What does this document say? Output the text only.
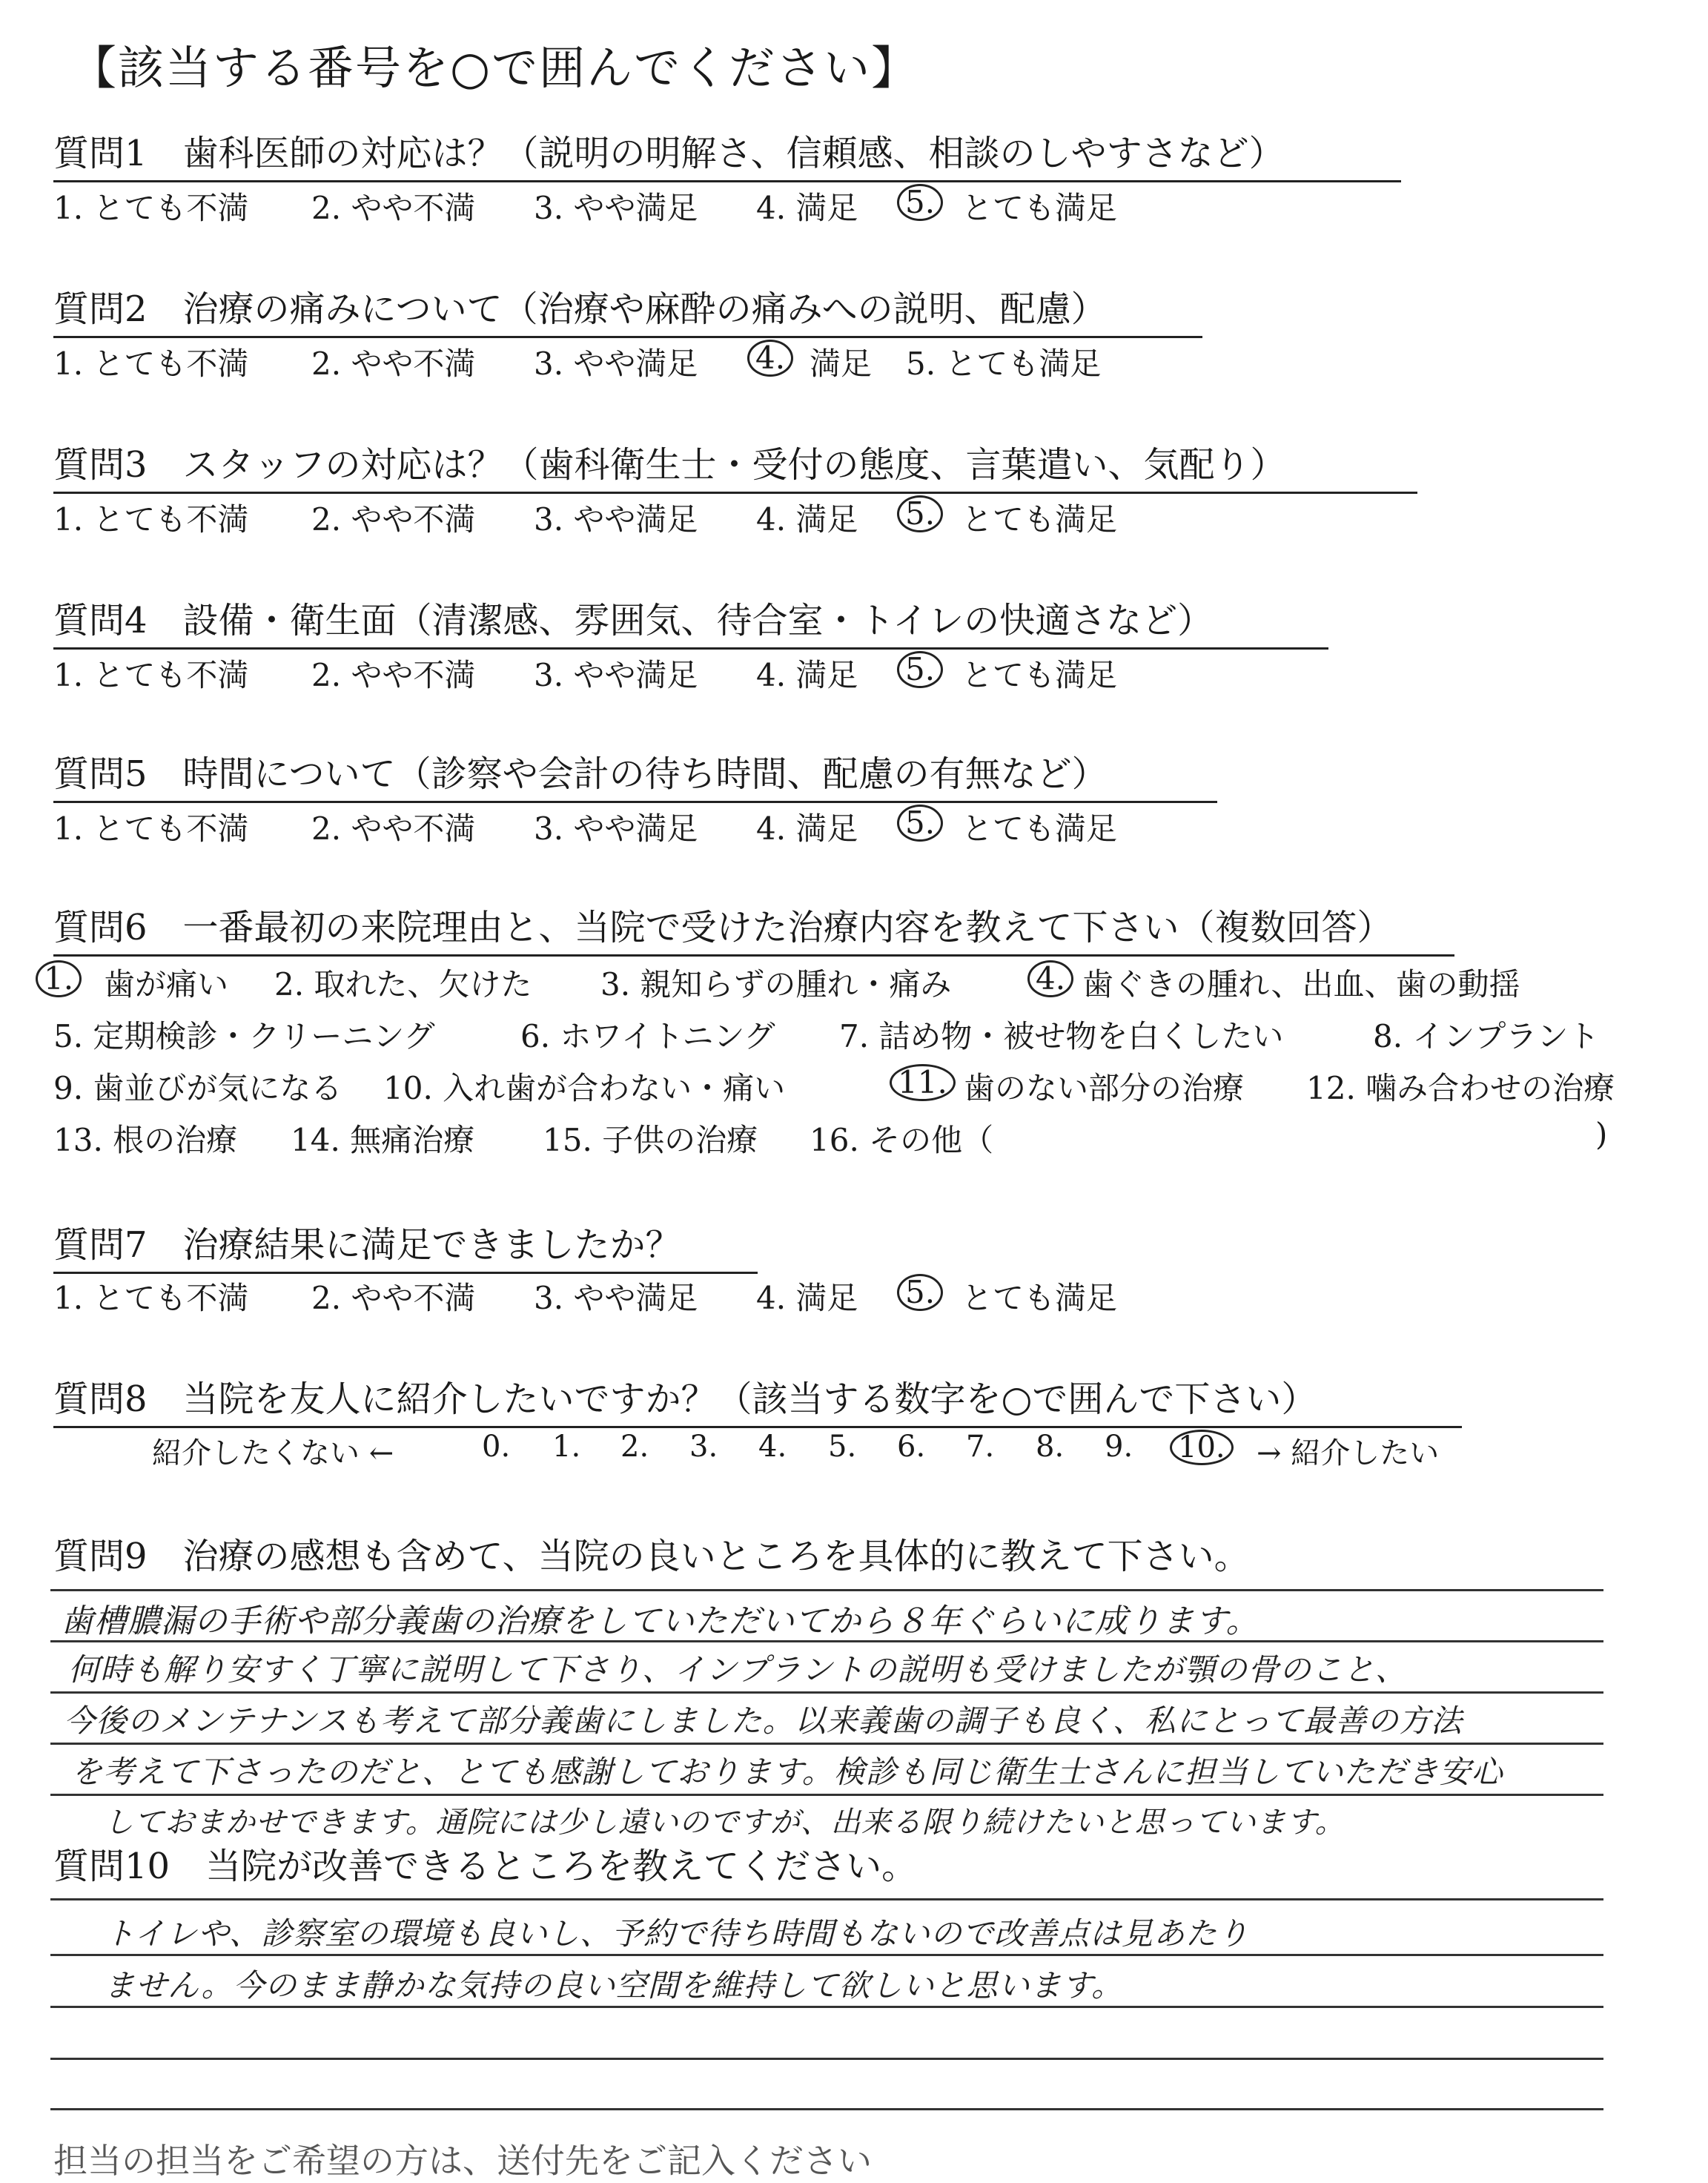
【該当する番号を○で囲んでください】
質問1　歯科医師の対応は？（説明の明解さ、信頼感、相談のしやすさなど）
1. とても不満 2. やや不満 3. やや満足 4. 満足 5. とても満足
質問2　治療の痛みについて（治療や麻酔の痛みへの説明、配慮）
1. とても不満 2. やや不満 3. やや満足 4. 満足 5. とても満足
質問3　スタッフの対応は？（歯科衛生士・受付の態度、言葉遣い、気配り）
1. とても不満 2. やや不満 3. やや満足 4. 満足 5. とても満足
質問4　設備・衛生面（清潔感、雰囲気、待合室・トイレの快適さなど）
1. とても不満 2. やや不満 3. やや満足 4. 満足 5. とても満足
質問5　時間について（診察や会計の待ち時間、配慮の有無など）
1. とても不満 2. やや不満 3. やや満足 4. 満足 5. とても満足
質問6　一番最初の来院理由と、当院で受けた治療内容を教えて下さい（複数回答）
1. 歯が痛い 2. 取れた、欠けた 3. 親知らずの腫れ・痛み	4. 歯ぐきの腫れ、出血、歯の動揺
5. 定期検診・クリーニング	6. ホワイトニング 7. 詰め物・被せ物を白くしたい	8. インプラント
9. 歯並びが気になる 10. 入れ歯が合わない・痛い	11. 歯のない部分の治療 12. 噛み合わせの治療
13. 根の治療 14. 無痛治療 15. 子供の治療 16. その他（	)
質問7　治療結果に満足できましたか？
1. とても不満 2. やや不満 3. やや満足 4. 満足 5. とても満足
質問8　当院を友人に紹介したいですか？（該当する数字を○で囲んで下さい）
紹介したくない ←	0. 1. 2. 3. 4. 5. 6. 7. 8. 9. 10. → 紹介したい
質問9　治療の感想も含めて、当院の良いところを具体的に教えて下さい。
歯槽膿漏の手術や部分義歯の治療をしていただいてから８年ぐらいに成ります。
何時も解り安すく丁寧に説明して下さり、インプラントの説明も受けましたが顎の骨のこと、
今後のメンテナンスも考えて部分義歯にしました。以来義歯の調子も良く、私にとって最善の方法
を考えて下さったのだと、とても感謝しております。検診も同じ衛生士さんに担当していただき安心
しておまかせできます。通院には少し遠いのですが、出来る限り続けたいと思っています。
質問10　当院が改善できるところを教えてください。
トイレや、診察室の環境も良いし、予約で待ち時間もないので改善点は見あたり
ません。今のまま静かな気持の良い空間を維持して欲しいと思います。
担当の担当をご希望の方は、送付先をご記入ください
